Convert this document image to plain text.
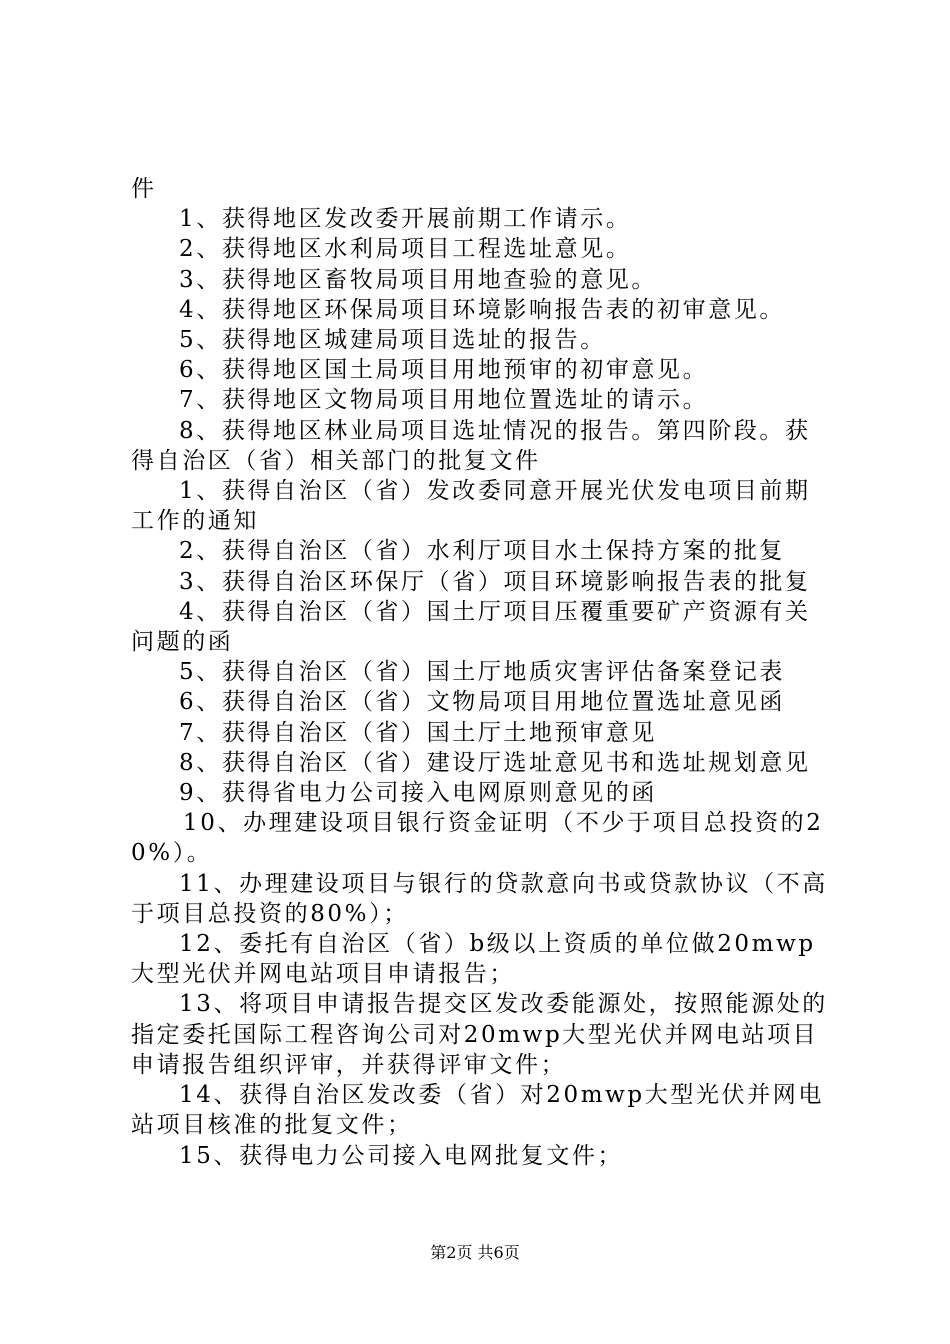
件

1、获得地区发改委开展前期工作请示。

2、获得地区水利局项目工程选址意见。

3、获得地区畜牧局项目用地查验的意见。

4、获得地区环保局项目环境影响报告表的初审意见。

5、获得地区城建局项目选址的报告。

6、获得地区国土局项目用地预审的初审意见。

7、获得地区文物局项目用地位置选址的请示。

8、获得地区林业局项目选址情况的报告。第四阶段。获得自治区（省）相关部门的批复文件

1、获得自治区（省）发改委同意开展光伏发电项目前期工作的通知

2、获得自治区（省）水利厅项目水土保持方案的批复

3、获得自治区环保厅（省）项目环境影响报告表的批复

4、获得自治区（省）国土厅项目压覆重要矿产资源有关问题的函

5、获得自治区（省）国土厅地质灾害评估备案登记表

6、获得自治区（省）文物局项目用地位置选址意见函

7、获得自治区（省）国土厅土地预审意见

8、获得自治区（省）建设厅选址意见书和选址规划意见

9、获得省电力公司接入电网原则意见的函

10、办理建设项目银行资金证明（不少于项目总投资的20%）。

11、办理建设项目与银行的贷款意向书或贷款协议（不高于项目总投资的80%）；

12、委托有自治区（省）b级以上资质的单位做20mwp大型光伏并网电站项目申请报告；

13、将项目申请报告提交区发改委能源处，按照能源处的指定委托国际工程咨询公司对20mwp大型光伏并网电站项目申请报告组织评审，并获得评审文件；

14、获得自治区发改委（省）对20mwp大型光伏并网电站项目核准的批复文件；

15、获得电力公司接入电网批复文件；

第2页 共6页
